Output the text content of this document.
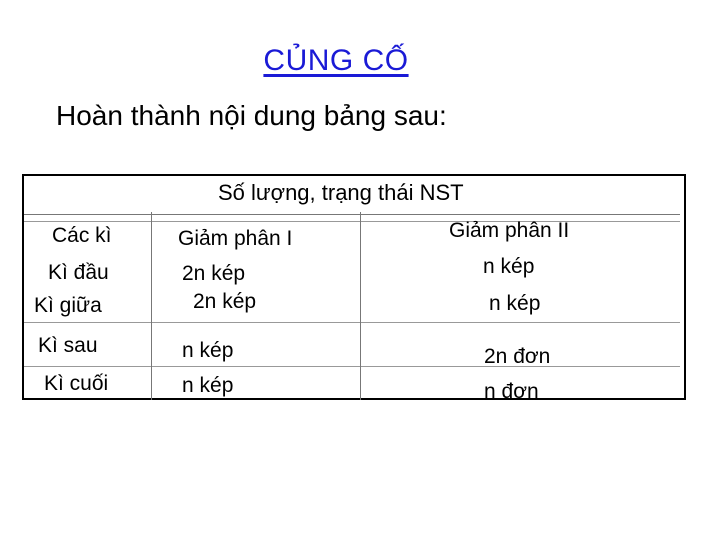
CỦNG CỐ
Hoàn thành nội dung bảng sau:
Số lượng, trạng thái NST
Các kì	Giảm phân I	Giảm phân II
Kì đầu	2n kép	n kép
Kì giữa	2n kép	n kép
Kì sau	n kép	2n đơn
Kì cuối	n kép	n đơn
